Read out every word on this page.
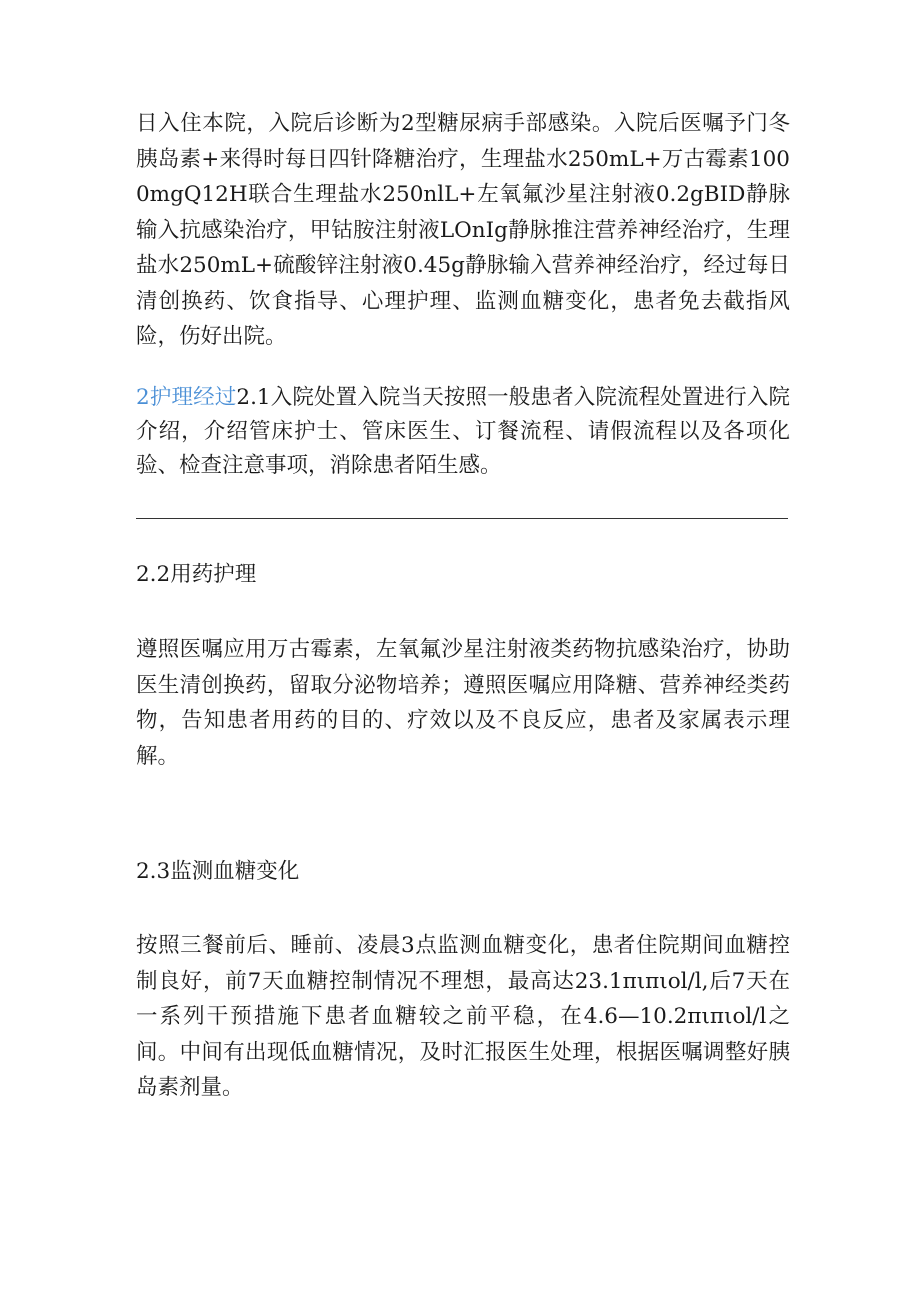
日入住本院，入院后诊断为2型糖尿病手部感染。入院后医嘱予门冬胰岛素+来得时每日四针降糖治疗，生理盐水250mL+万古霉素1000mgQ12H联合生理盐水250nlL+左氧氟沙星注射液0.2gBID静脉输入抗感染治疗，甲钴胺注射液LOnIg静脉推注营养神经治疗，生理盐水250mL+硫酸锌注射液0.45g静脉输入营养神经治疗，经过每日清创换药、饮食指导、心理护理、监测血糖变化，患者免去截指风险，伤好出院。

2护理经过2.1入院处置入院当天按照一般患者入院流程处置进行入院介绍，介绍管床护士、管床医生、订餐流程、请假流程以及各项化验、检查注意事项，消除患者陌生感。

2.2用药护理

遵照医嘱应用万古霉素，左氧氟沙星注射液类药物抗感染治疗，协助医生清创换药，留取分泌物培养；遵照医嘱应用降糖、营养神经类药物，告知患者用药的目的、疗效以及不良反应，患者及家属表示理解。

2.3监测血糖变化

按照三餐前后、睡前、凌晨3点监测血糖变化，患者住院期间血糖控制良好，前7天血糖控制情况不理想，最高达23.1πιπιol/l,后7天在一系列干预措施下患者血糖较之前平稳，在4.6—10.2πιπιol/l之间。中间有出现低血糖情况，及时汇报医生处理，根据医嘱调整好胰岛素剂量。
